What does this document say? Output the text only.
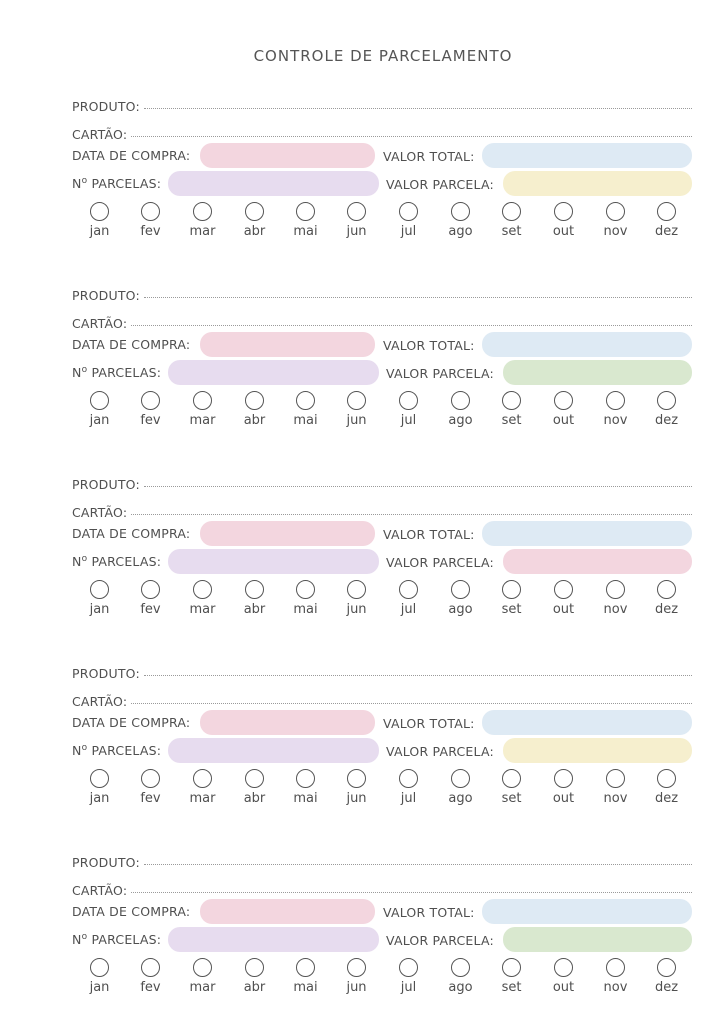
CONTROLE DE PARCELAMENTO
PRODUTO:
CARTÃO:
DATA DE COMPRA:	VALOR TOTAL:
$N^o$ PARCELAS:	VALOR PARCELA:
jan	fev	mar	abr	mai	jun	jul	ago	set	out	nov	dez
PRODUTO:
CARTÃO:
DATA DE COMPRA:	VALOR TOTAL:
$N^o$ PARCELAS:	VALOR PARCELA:
jan	fev	mar	abr	mai	jun	jul	ago	set	out	nov	dez
PRODUTO:
CARTÃO:
DATA DE COMPRA:	VALOR TOTAL:
$N^o$ PARCELAS:	VALOR PARCELA:
jan	fev	mar	abr	mai	jun	jul	ago	set	out	nov	dez
PRODUTO:
CARTÃO:
DATA DE COMPRA:	VALOR TOTAL:
$N^o$ PARCELAS:	VALOR PARCELA:
jan	fev	mar	abr	mai	jun	jul	ago	set	out	nov	dez
PRODUTO:
CARTÃO:
DATA DE COMPRA:	VALOR TOTAL:
$N^o$ PARCELAS:	VALOR PARCELA:
jan	fev	mar	abr	mai	jun	jul	ago	set	out	nov	dez
